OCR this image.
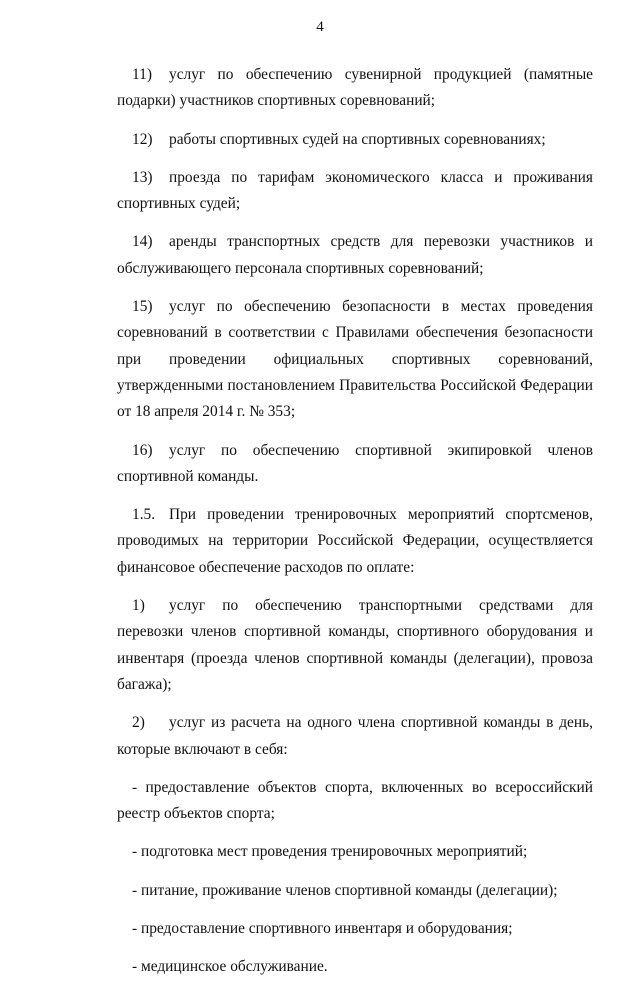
4

11) услуг по обеспечению сувенирной продукцией (памятные подарки) участников спортивных соревнований;

12) работы спортивных судей на спортивных соревнованиях;

13) проезда по тарифам экономического класса и проживания спортивных судей;

14) аренды транспортных средств для перевозки участников и обслуживающего персонала спортивных соревнований;

15) услуг по обеспечению безопасности в местах проведения соревнований в соответствии с Правилами обеспечения безопасности при проведении официальных спортивных соревнований, утвержденными постановлением Правительства Российской Федерации от 18 апреля 2014 г. № 353;

16) услуг по обеспечению спортивной экипировкой членов спортивной команды.

1.5. При проведении тренировочных мероприятий спортсменов, проводимых на территории Российской Федерации, осуществляется финансовое обеспечение расходов по оплате:

1) услуг по обеспечению транспортными средствами для перевозки членов спортивной команды, спортивного оборудования и инвентаря (проезда членов спортивной команды (делегации), провоза багажа);

2) услуг из расчета на одного члена спортивной команды в день, которые включают в себя:

- предоставление объектов спорта, включенных во всероссийский реестр объектов спорта;

- подготовка мест проведения тренировочных мероприятий;

- питание, проживание членов спортивной команды (делегации);

- предоставление спортивного инвентаря и оборудования;

- медицинское обслуживание.
